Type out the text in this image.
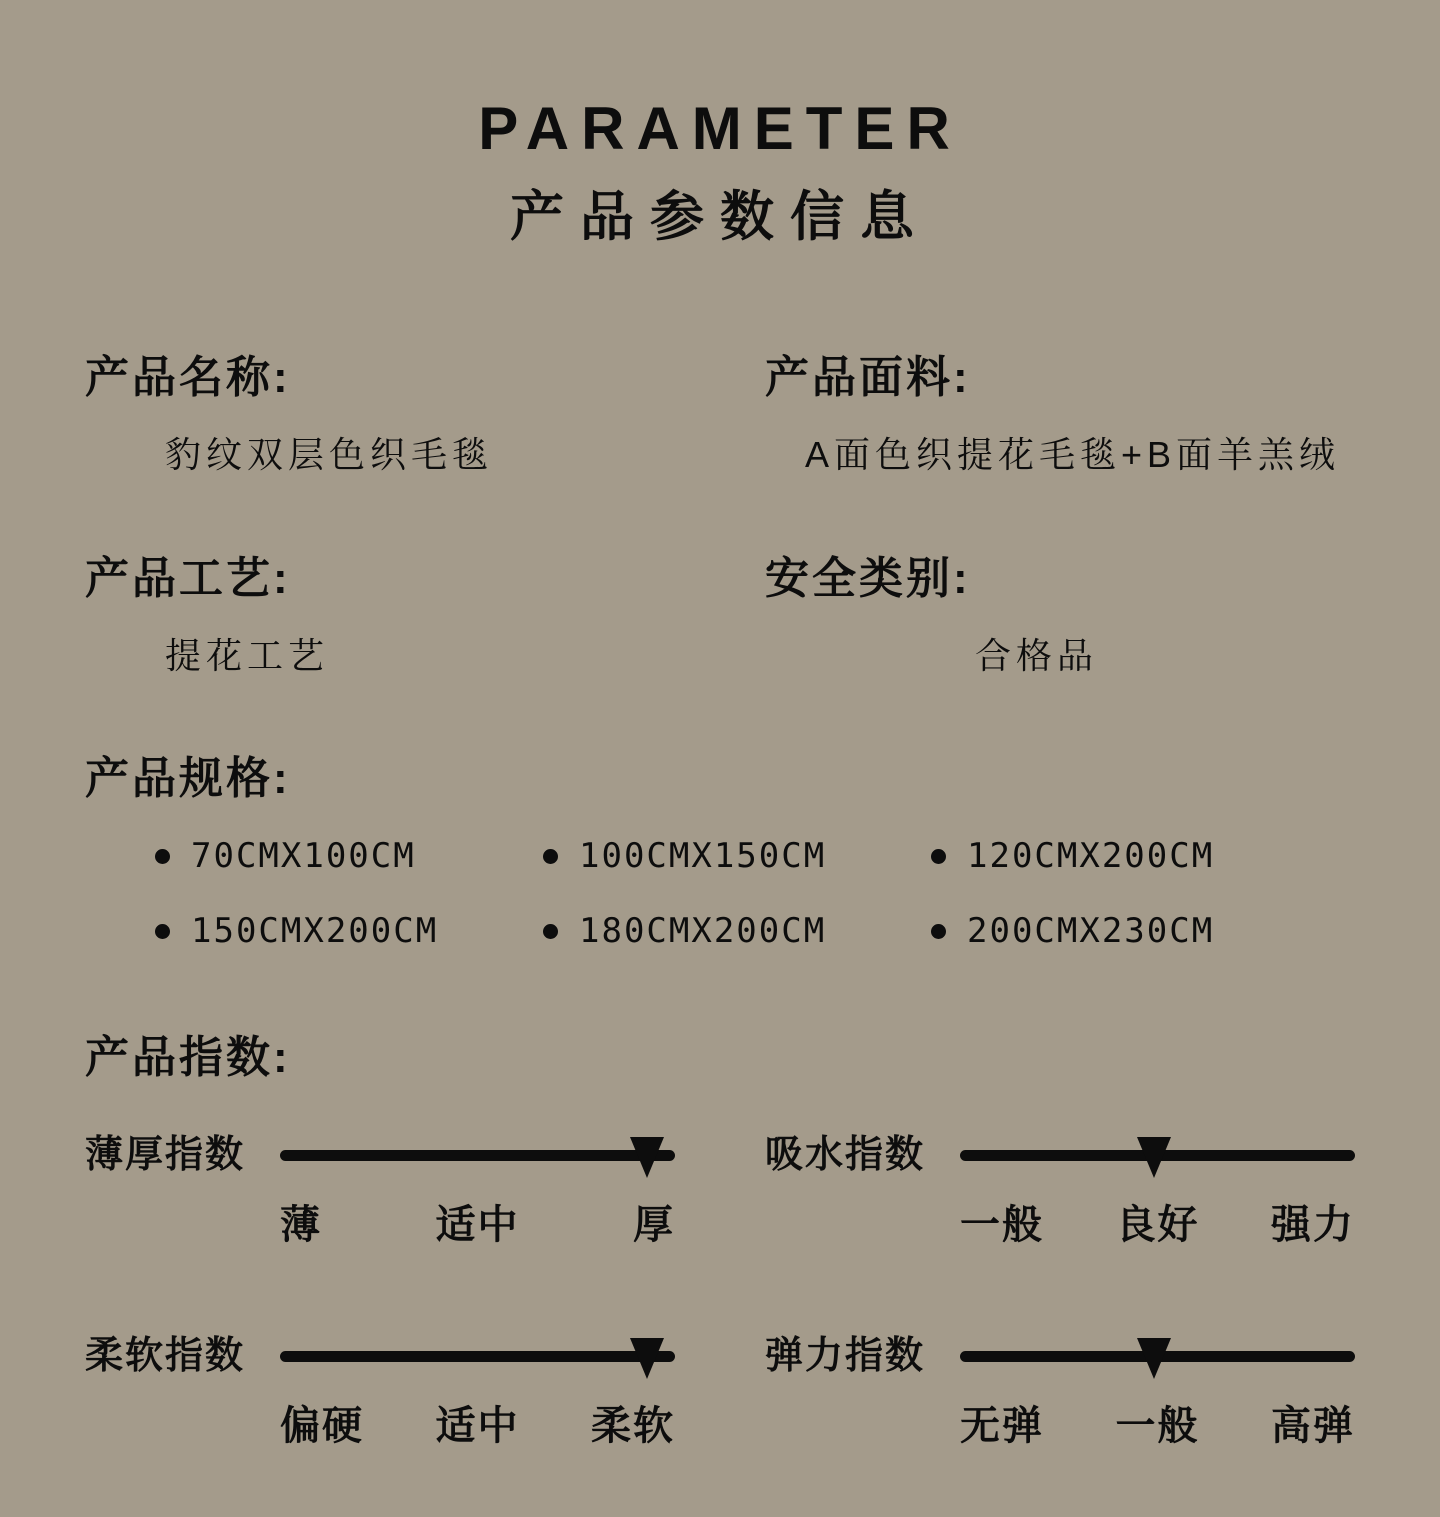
PARAMETER
产品参数信息
产品名称:
豹纹双层色织毛毯
产品面料:
A面色织提花毛毯+B面羊羔绒
产品工艺:
提花工艺
安全类别:
合格品
产品规格:
70CMX100CM	100CMX150CM	120CMX200CM
150CMX200CM	180CMX200CM	200CMX230CM
产品指数:
薄厚指数
薄	适中	厚
吸水指数
一般 良好 强力
柔软指数
偏硬 适中 柔软
弹力指数
无弹 一般 高弹
